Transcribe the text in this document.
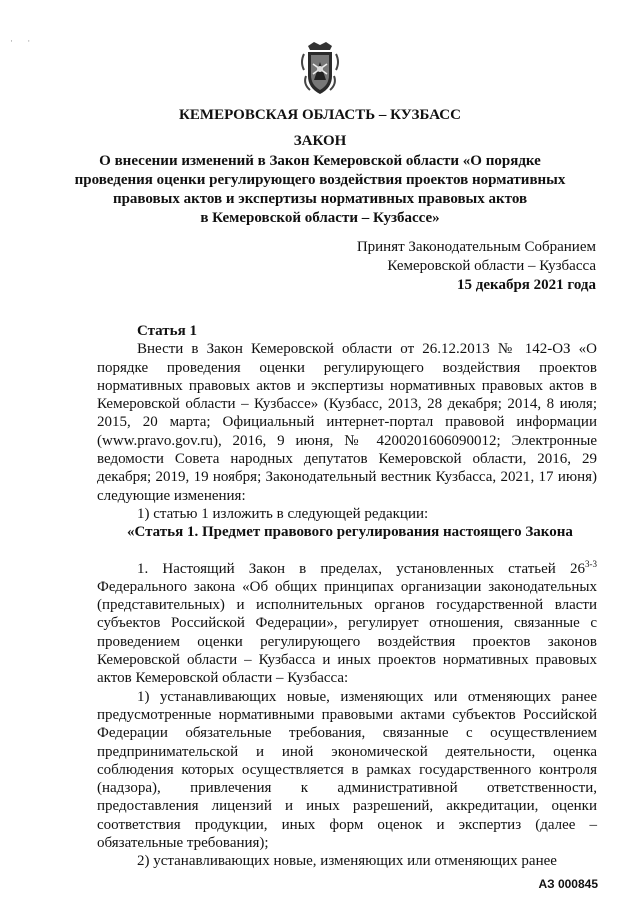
· ·
КЕМЕРОВСКАЯ ОБЛАСТЬ – КУЗБАСС
ЗАКОН
О внесении изменений в Закон Кемеровской области «О порядке
проведения оценки регулирующего воздействия проектов нормативных
правовых актов и экспертизы нормативных правовых актов
в Кемеровской области – Кузбассе»
Принят Законодательным Собранием
Кемеровской области – Кузбасса
15 декабря 2021 года

Статья 1

Внести в Закон Кемеровской области от 26.12.2013 № 142-ОЗ «О порядке проведения оценки регулирующего воздействия проектов нормативных правовых актов и экспертизы нормативных правовых актов в Кемеровской области – Кузбассе» (Кузбасс, 2013, 28 декабря; 2014, 8 июля; 2015, 20 марта; Официальный интернет-портал правовой информации (www.pravo.gov.ru), 2016, 9 июня, № 4200201606090012; Электронные ведомости Совета народных депутатов Кемеровской области, 2016, 29 декабря; 2019, 19 ноября; Законодательный вестник Кузбасса, 2021, 17 июня) следующие изменения:

1) статью 1 изложить в следующей редакции:

«Статья 1. Предмет правового регулирования настоящего Закона

1. Настоящий Закон в пределах, установленных статьей 26$^{3-3}$ Федерального закона «Об общих принципах организации законодательных (представительных) и исполнительных органов государственной власти субъектов Российской Федерации», регулирует отношения, связанные с проведением оценки регулирующего воздействия проектов законов Кемеровской области – Кузбасса и иных проектов нормативных правовых актов Кемеровской области – Кузбасса:

1) устанавливающих новые, изменяющих или отменяющих ранее предусмотренные нормативными правовыми актами субъектов Российской Федерации обязательные требования, связанные с осуществлением предпринимательской и иной экономической деятельности, оценка соблюдения которых осуществляется в рамках государственного контроля (надзора), привлечения к административной ответственности, предоставления лицензий и иных разрешений, аккредитации, оценки соответствия продукции, иных форм оценок и экспертиз (далее – обязательные требования);

2) устанавливающих новые, изменяющих или отменяющих ранее

АЗ 000845
